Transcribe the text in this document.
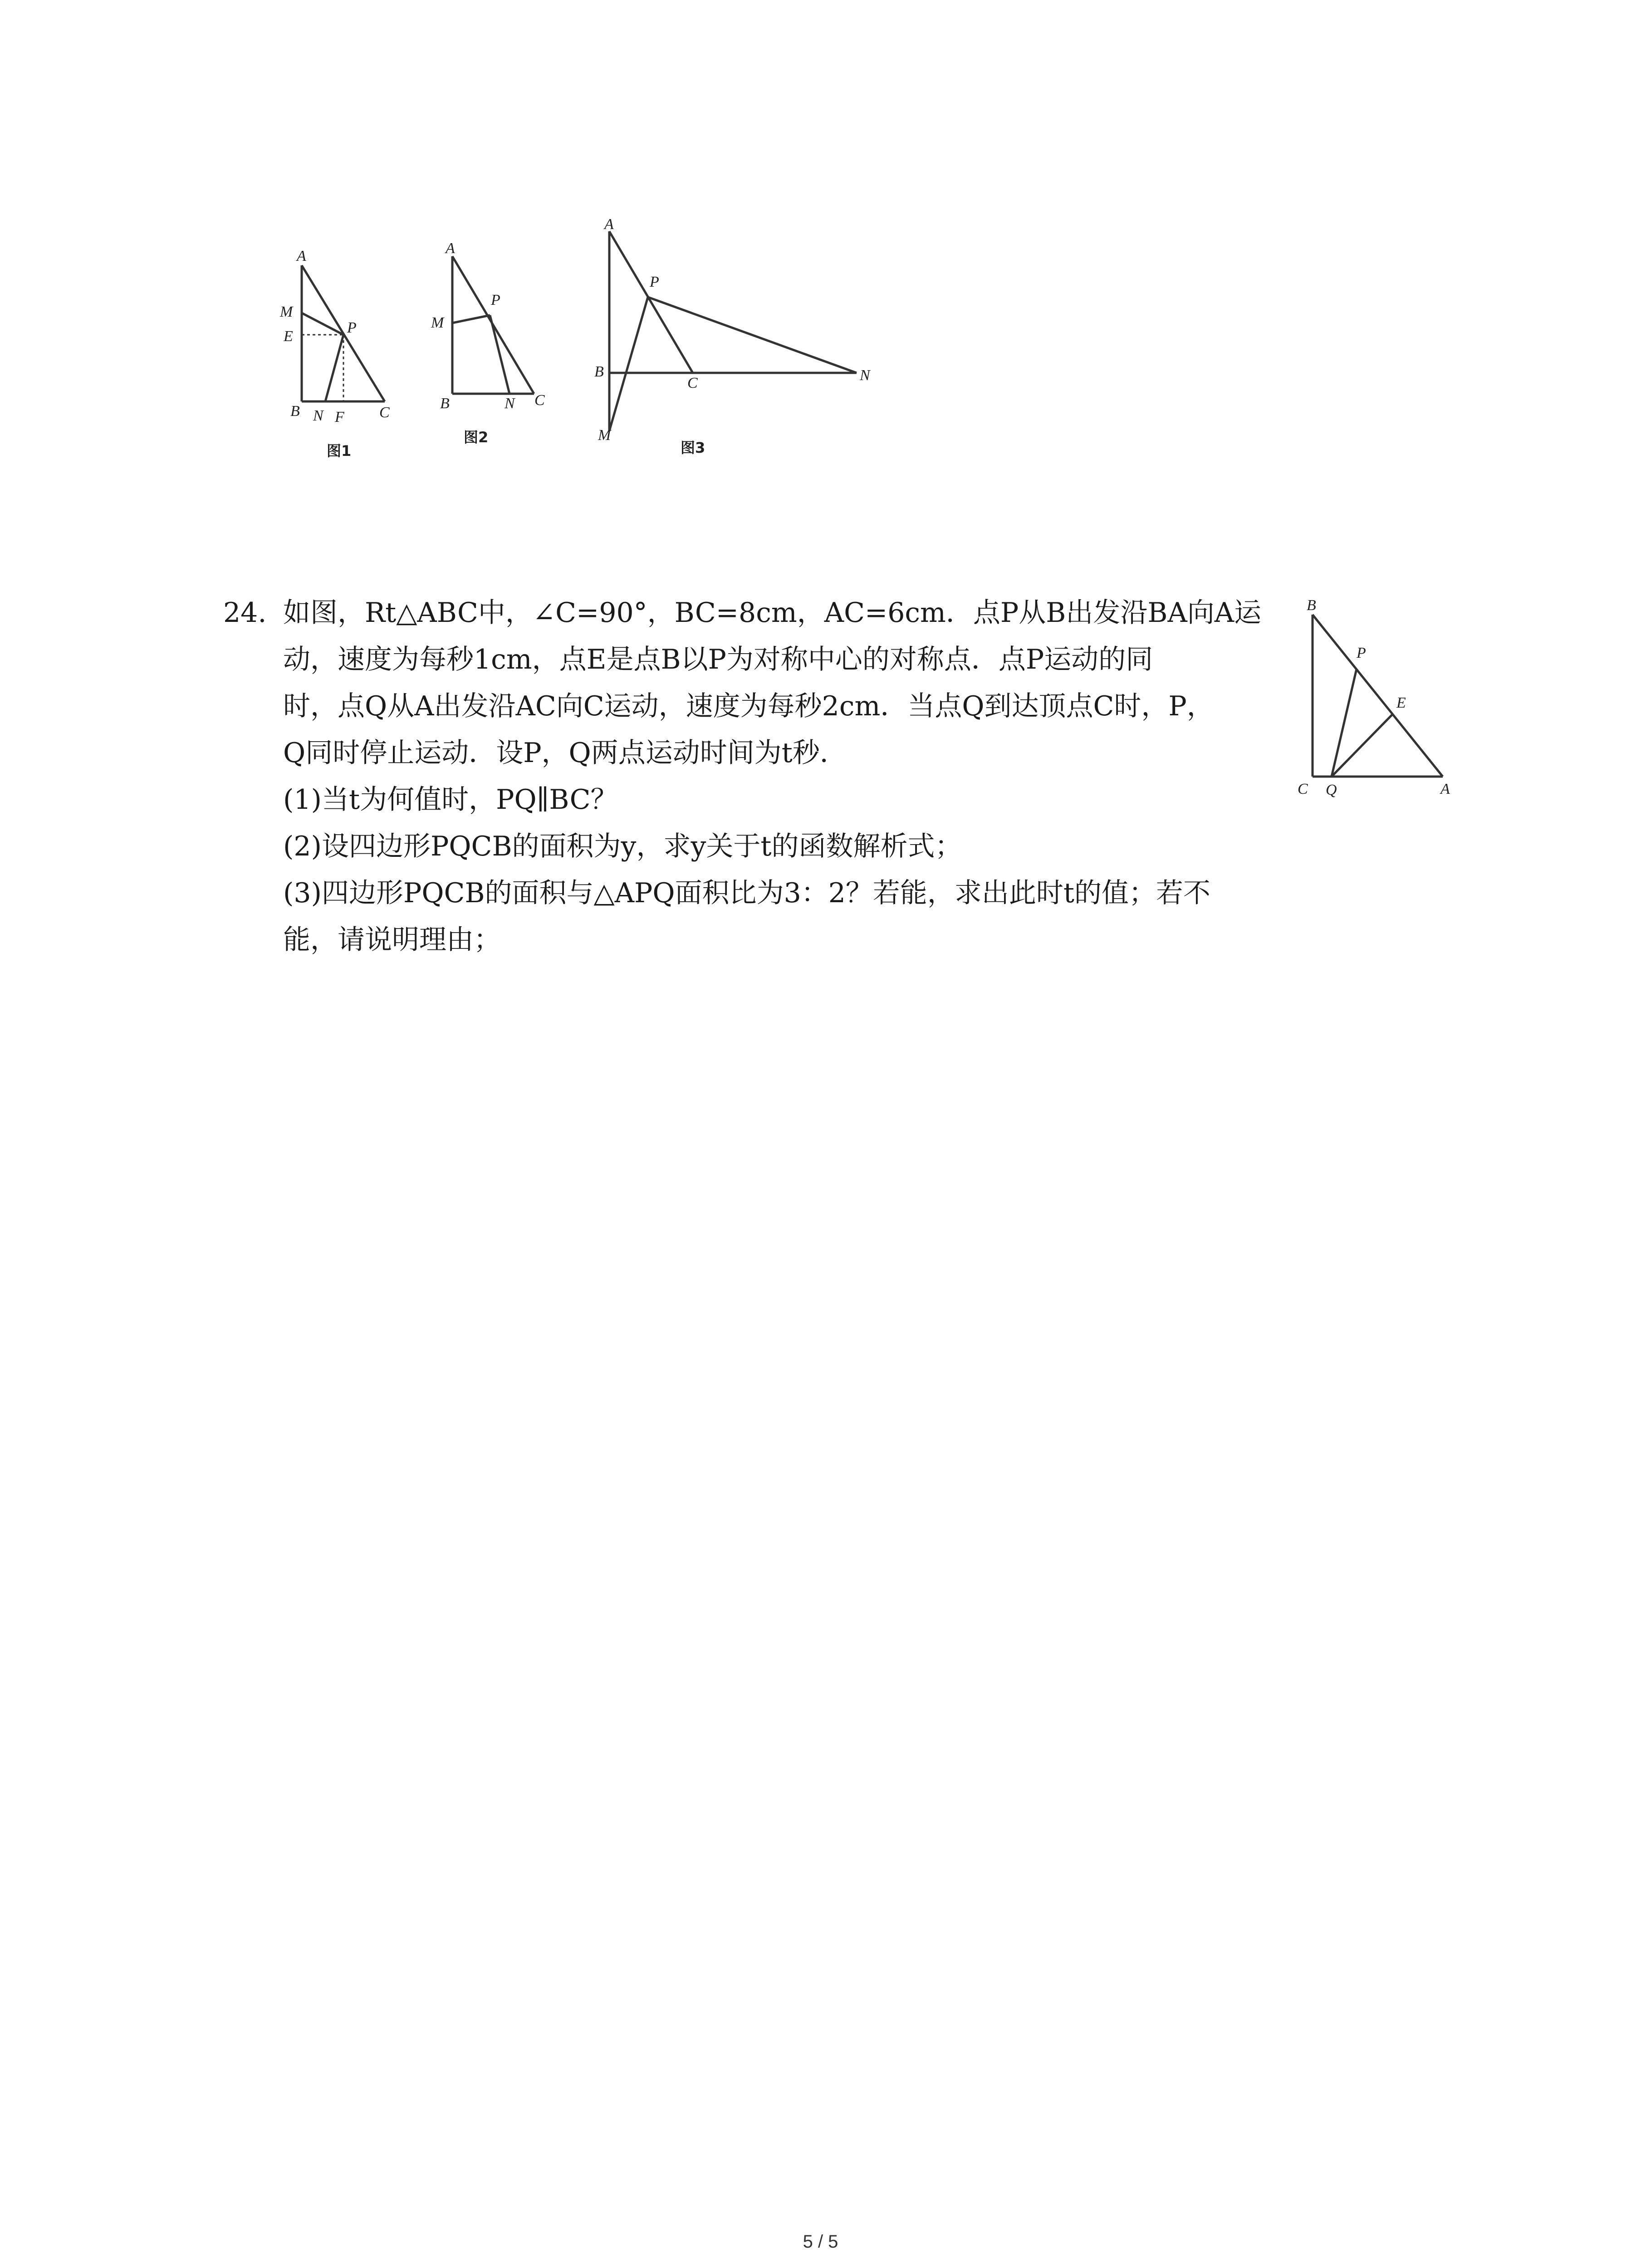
A
M
E
P
B N F C
图1
A
M
P
B	N C
图2
A
P
B
C	N
M
图3
24. 如图，Rt△ABC中，∠C=90°，BC=8cm，AC=6cm．点P从B出发沿BA向A运
动，速度为每秒1cm，点E是点B以P为对称中心的对称点．点P运动的同
时，点Q从A出发沿AC向C运动，速度为每秒2cm．当点Q到达顶点C时，P，
Q同时停止运动．设P，Q两点运动时间为t秒．
(1)当t为何值时，PQ∥BC？
(2)设四边形PQCB的面积为y，求y关于t的函数解析式；
(3)四边形PQCB的面积与△APQ面积比为3：2？若能，求出此时t的值；若不
能，请说明理由；
B
P
E
C Q	A
5 / 5
